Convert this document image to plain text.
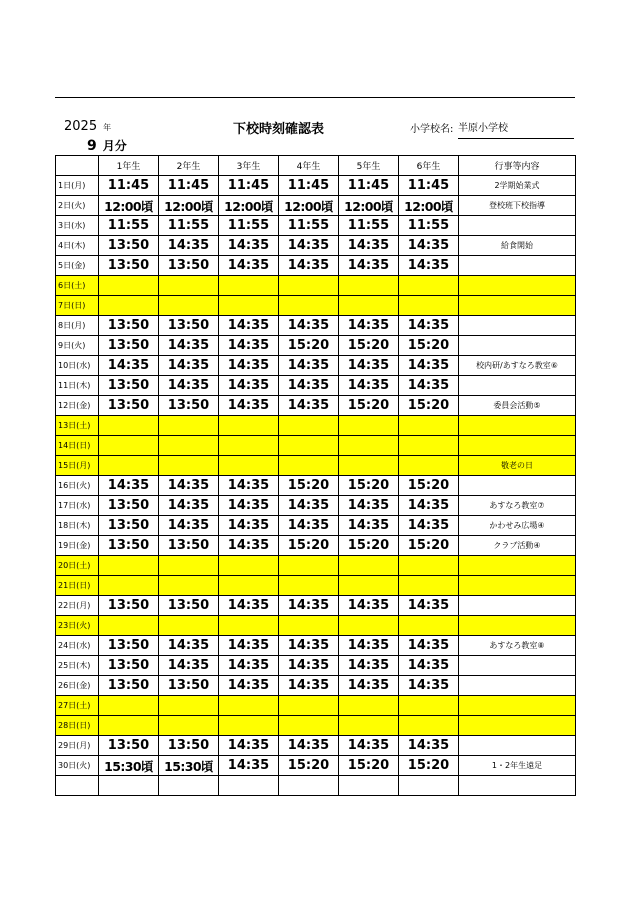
2025 年	下校時刻確認表	小学校名: 半原小学校
9 月分
	1年生	2年生	3年生	4年生	5年生	6年生	行事等内容
1日(月)	11:45	11:45	11:45	11:45	11:45	11:45	2学期始業式
2日(火)	12:00頃	12:00頃	12:00頃	12:00頃	12:00頃	12:00頃	登校班下校指導
3日(水)	11:55	11:55	11:55	11:55	11:55	11:55	
4日(木)	13:50	14:35	14:35	14:35	14:35	14:35	給食開始
5日(金)	13:50	13:50	14:35	14:35	14:35	14:35	
6日(土)							
7日(日)							
8日(月)	13:50	13:50	14:35	14:35	14:35	14:35	
9日(火)	13:50	14:35	14:35	15:20	15:20	15:20	
10日(水)	14:35	14:35	14:35	14:35	14:35	14:35	校内研/あすなろ教室⑥
11日(木)	13:50	14:35	14:35	14:35	14:35	14:35	
12日(金)	13:50	13:50	14:35	14:35	15:20	15:20	委員会活動⑤
13日(土)							
14日(日)							
15日(月)							敬老の日
16日(火)	14:35	14:35	14:35	15:20	15:20	15:20	
17日(水)	13:50	14:35	14:35	14:35	14:35	14:35	あすなろ教室⑦
18日(木)	13:50	14:35	14:35	14:35	14:35	14:35	かわせみ広場④
19日(金)	13:50	13:50	14:35	15:20	15:20	15:20	クラブ活動④
20日(土)							
21日(日)							
22日(月)	13:50	13:50	14:35	14:35	14:35	14:35	
23日(火)							
24日(水)	13:50	14:35	14:35	14:35	14:35	14:35	あすなろ教室⑧
25日(木)	13:50	14:35	14:35	14:35	14:35	14:35	
26日(金)	13:50	13:50	14:35	14:35	14:35	14:35	
27日(土)							
28日(日)							
29日(月)	13:50	13:50	14:35	14:35	14:35	14:35	
30日(火)	15:30頃	15:30頃	14:35	15:20	15:20	15:20	1・2年生遠足
